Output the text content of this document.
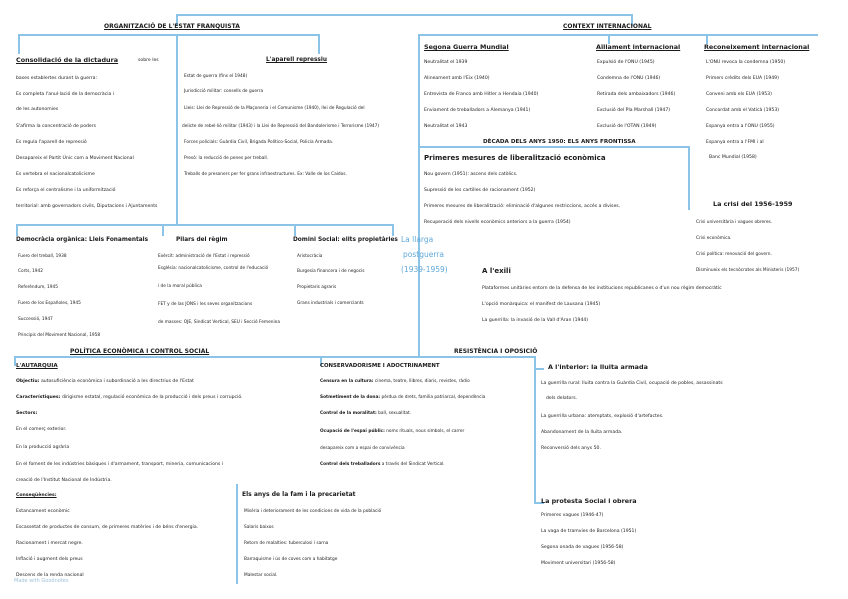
ORGANITZACIÓ DE L'ESTAT FRANQUISTA	CONTEXT INTERNACIONAL
DÈCADA DELS ANYS 1950: ELS ANYS FRONTISSA
POLÍTICA ECONÒMICA I CONTROL SOCIAL	RESISTÈNCIA I OPOSICIÓ
La llarga
postguerra
(1939-1959)
Consolidació de la dictadura	sobre les
bases establertes durant la guerra:
Es completa l'anul·lació de la democràcia i
de les autonomies
S'afirma la concentració de poders
Es regula l'aparell de repressió
Desapareix el Partit Únic com a Moviment Nacional
Es vertebra el nacionalcatolicisme
Es reforça el centralisme i la uniformització
territorial: amb governadors civils, Diputacions i Ajuntaments
L'aparell repressiu
Estat de guerra (fins el 1948)
Jurisdicció militar: consells de guerra
Lleis: Llei de Repressió de la Maçoneria i el Comunisme (1940), llei de Regulació del
delicte de rebel·lió militar (1943) i la Llei de Repressió del Bandolerisme i Terrorisme (1947)
Forces policials: Guàrdia Civil, Brigada Político-Social, Policia Armada.
Presó: la reducció de penes per treball.
Treballs de presoners per fer grans infraestructures. Ex: Valle de los Caídos.
Segona Guerra Mundial
Neutralitat el 1939
Alineament amb l'Eix (1940)
Entrevista de Franco amb Hitler a Hendaia (1940)
Enviament de treballadors a Alemanya (1941)
Neutralitat el 1943
Aïllament internacional
Expulsió de l'ONU (1945)
Condemna de l'ONU (1946)
Retirada dels ambaixadors (1946)
Exclusió del Pla Marshall (1947)
Exclusió de l'OTAN (1949)
Reconeixement internacional
L'ONU revoca la condemna (1950)
Primers crèdits dels EUA (1949)
Conveni amb els EUA (1953)
Concordat amb el Vaticà (1953)
Espanya entra a l'ONU (1955)
Espanya entra a l'FMI i al
Banc Mundial (1958)
Primeres mesures de liberalització econòmica
Nou govern (1951): ascens dels catòlics.
Supressió de les cartilles de racionament (1952)
Primeres mesures de liberalització: eliminació d'algunes restriccions, accés a divises.
Recuperació dels nivells econòmics anteriors a la guerra (1954)
La crisi del 1956-1959
Crisi universitària i vagues obreres.
Crisi econòmica.
Crisi política: renovació del govern.
Disminueix els tecnòcrates als Ministeris (1957)
Democràcia orgànica: Lleis Fonamentals
Fuero del treball, 1938
Corts, 1942
Referèndum, 1945
Fuero de los Españoles, 1945
Successió, 1947
Principis del Moviment Nacional, 1958
Pilars del règim
Exèrcit: administració de l'Estat i repressió
Església: nacionalcatolicisme, control de l'educació
i de la moral pública
FET y de las JONS i les seves organitzacions
de masses: OJE, Sindicat Vertical, SEU i Secció Femenina
Domini Social: elits propietàries
Aristocràcia
Burgesia financera i de negocis
Propietaris agraris
Grans industrials i comerciants
A l'exili
Plataformes unitàries entorn de la defensa de les institucions republicanes o d'un nou règim democràtic
L'opció monàrquica: el manifest de Lausana (1945)
La guerrilla: la invasió de la Vall d'Aran (1944)
L'AUTARQUIA
Objectiu: autosuficiència econòmica i subordinació a les directrius de l'Estat
Característiques: dirigisme estatal, regulació econòmica de la producció i dels preus i corrupció.
Sectors:
En el comerç exterior.
En la producció agrària
En el foment de les indústries bàsiques i d'armament, transport, mineria, comunicacions i
creació de l'Institut Nacional de Indústria.
Conseqüències:
Estancament econòmic
Escassetat de productes de consum, de primeres matèries i de béns d'energia.
Racionament i mercat negre.
Inflació i augment dels preus
Descens de la renda nacional
CONSERVADORISME I ADOCTRINAMENT
Censura en la cultura: cinema, teatre, llibres, diaris, revistes, ràdio
Sotmetiment de la dona: pèrdua de drets, família patriarcal, dependència
Control de la moralitat: ball, sexualitat.
Ocupació de l'espai públic: noms rituals, nous símbols, el carrer
desapareix com a espai de convivència
Control dels treballadors a través del Sindicat Vertical.
Els anys de la fam i la precarietat
Misèria i deteriorament de les condicions de vida de la població
Salaris baixos
Retorn de malalties: tuberculosi i sarna
Barraquisme i ús de coves com a habitatge
Malestar social.
A l'interior: la lluita armada
La guerrilla rural: lluita contra la Guàrdia Civil, ocupació de pobles, assassinats
dels delators.
La guerrilla urbana: atemptats, explosió d'artefactes.
Abandonament de la lluita armada.
Reconversió dels anys 50.
La protesta Social i obrera
Primeres vagues (1946-47)
La vaga de tramvies de Barcelona (1951)
Segona onada de vagues (1956-58)
Moviment universitari (1956-58)
Made with Goodnotes
